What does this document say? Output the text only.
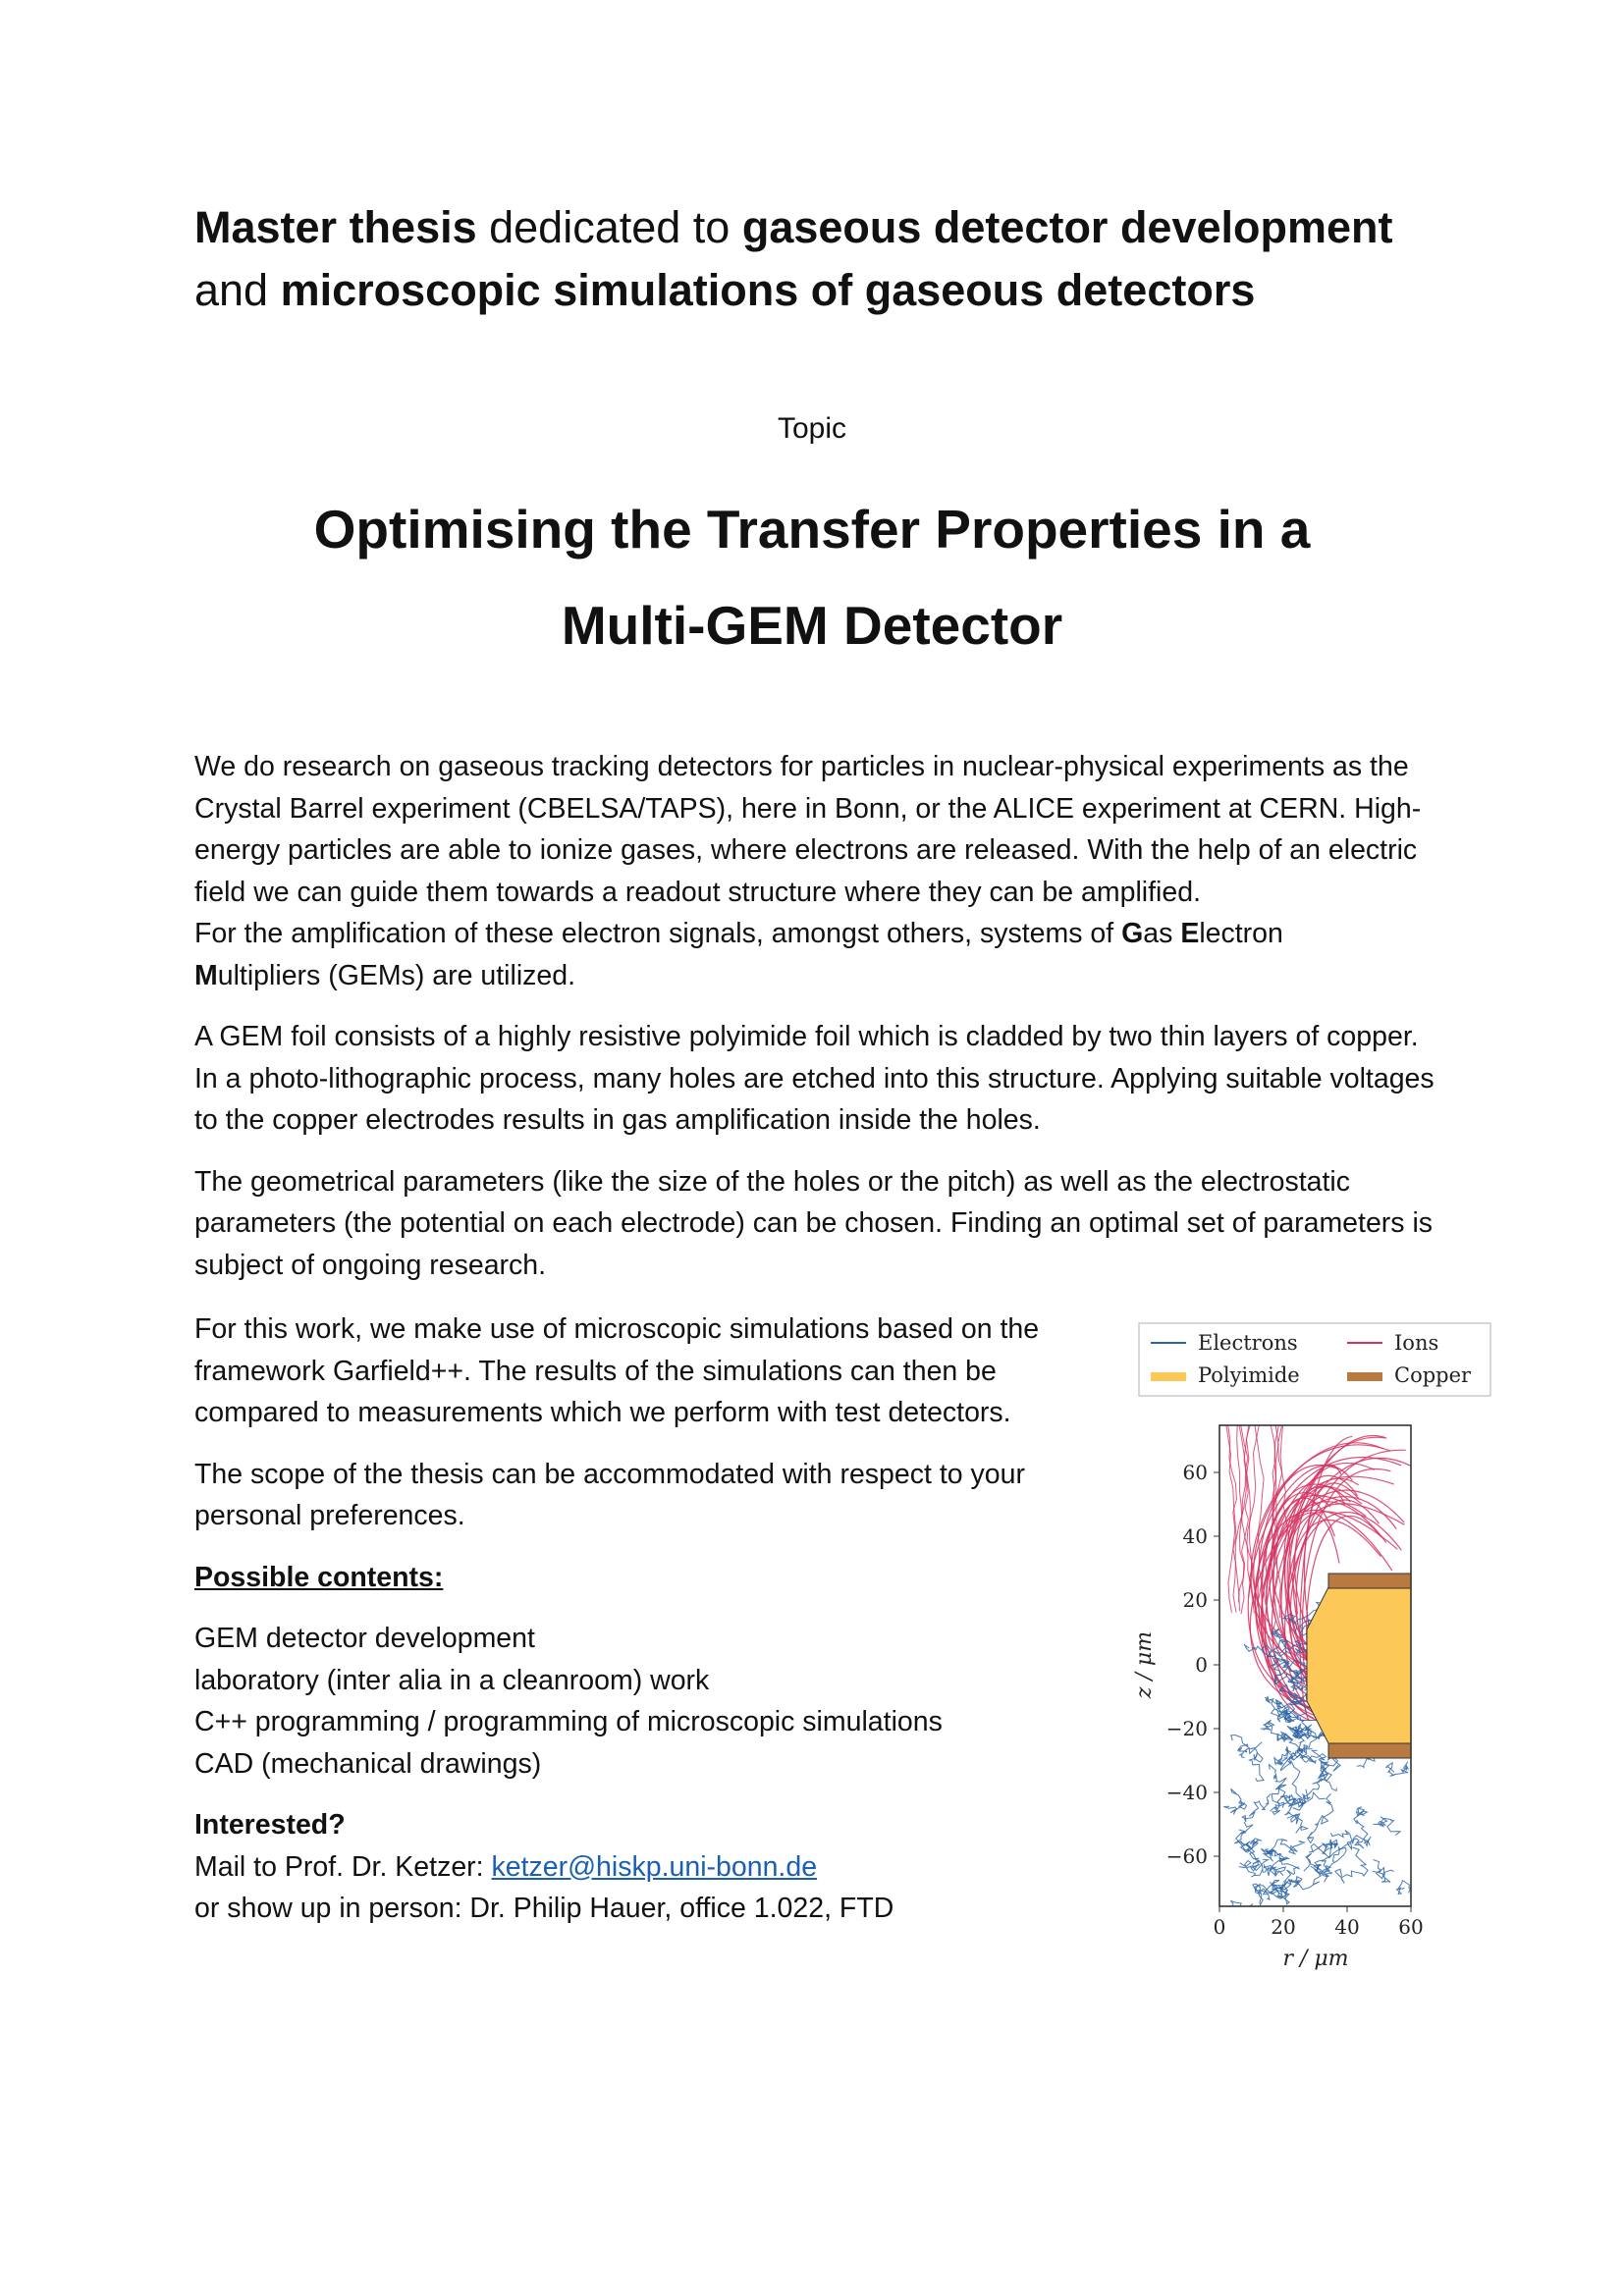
Master thesis dedicated to gaseous detector development
and microscopic simulations of gaseous detectors
Topic
Optimising the Transfer Properties in a
Multi-GEM Detector

We do research on gaseous tracking detectors for particles in nuclear-physical experiments as the Crystal Barrel experiment (CBELSA/TAPS), here in Bonn, or the ALICE experiment at CERN. High-energy particles are able to ionize gases, where electrons are released. With the help of an electric field we can guide them towards a readout structure where they can be amplified.
For the amplification of these electron signals, amongst others, systems of Gas Electron
Multipliers (GEMs) are utilized.

A GEM foil consists of a highly resistive polyimide foil which is cladded by two thin layers of copper. In a photo-lithographic process, many holes are etched into this structure. Applying suitable voltages to the copper electrodes results in gas amplification inside the holes.

The geometrical parameters (like the size of the holes or the pitch) as well as the electrostatic parameters (the potential on each electrode) can be chosen. Finding an optimal set of parameters is subject of ongoing research.

For this work, we make use of microscopic simulations based on the framework Garfield++. The results of the simulations can then be compared to measurements which we perform with test detectors.

The scope of the thesis can be accommodated with respect to your personal preferences.

Possible contents:

GEM detector development
laboratory (inter alia in a cleanroom) work
C++ programming / programming of microscopic simulations
CAD (mechanical drawings)

Interested?
Mail to Prof. Dr. Ketzer: ketzer@hiskp.uni-bonn.de
or show up in person: Dr. Philip Hauer, office 1.022, FTD

Electrons	Ions
Polyimide	Copper
60
40
20
0
−20
−40
−60
z / μm
0 20 40 60
r / μm
